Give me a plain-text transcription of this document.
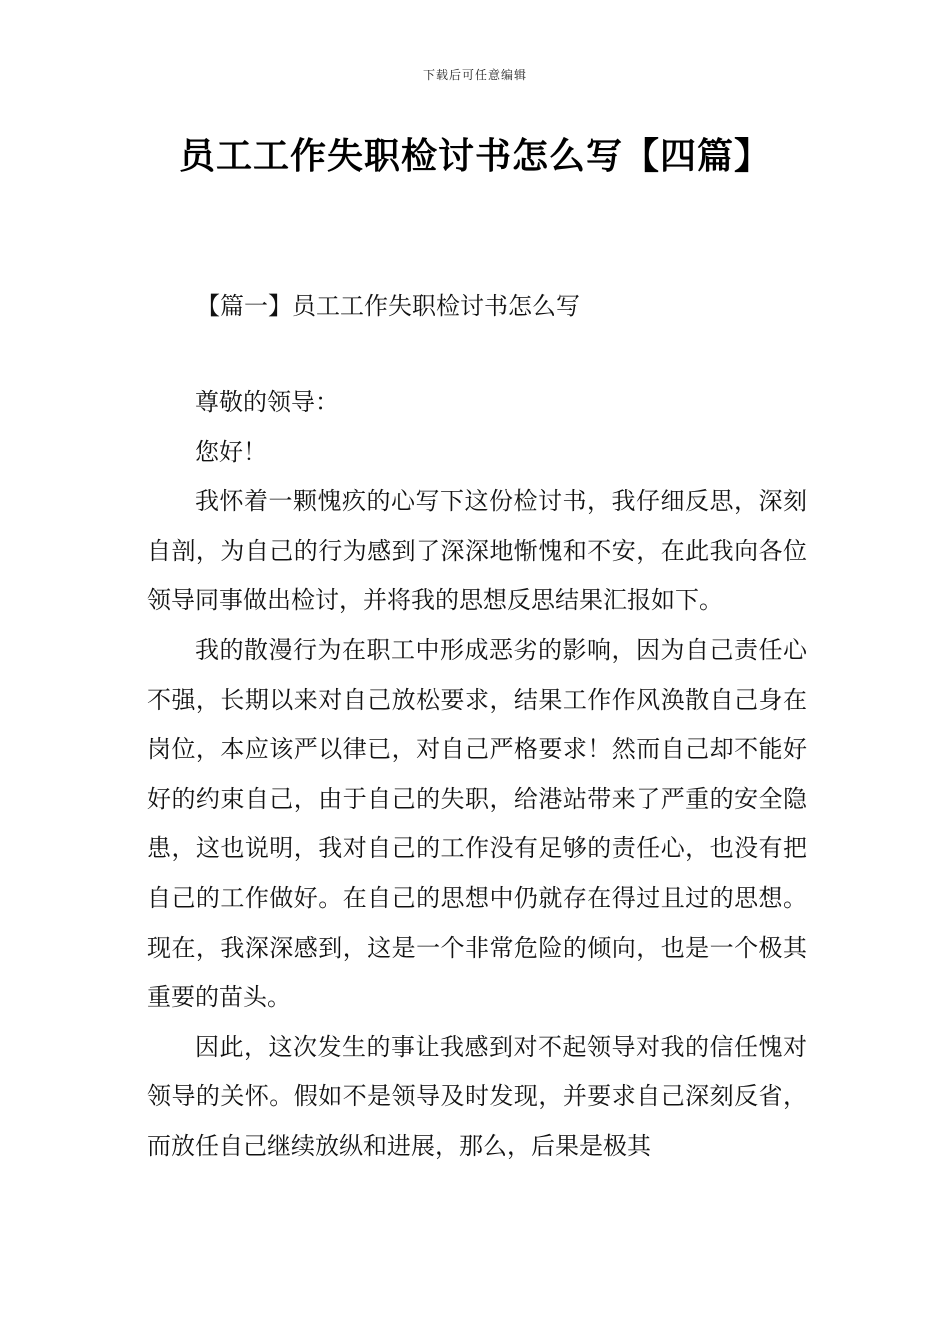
下载后可任意编辑
员工工作失职检讨书怎么写【四篇】
【篇一】员工工作失职检讨书怎么写

尊敬的领导：

您好！

我怀着一颗愧疚的心写下这份检讨书，我仔细反思，深刻自剖，为自己的行为感到了深深地惭愧和不安，在此我向各位领导同事做出检讨，并将我的思想反思结果汇报如下。

我的散漫行为在职工中形成恶劣的影响，因为自己责任心不强，长期以来对自己放松要求，结果工作作风涣散自己身在岗位，本应该严以律已，对自己严格要求！然而自己却不能好好的约束自己，由于自己的失职，给港站带来了严重的安全隐患，这也说明，我对自己的工作没有足够的责任心，也没有把自己的工作做好。在自己的思想中仍就存在得过且过的思想。现在，我深深感到，这是一个非常危险的倾向，也是一个极其重要的苗头。

因此，这次发生的事让我感到对不起领导对我的信任愧对领导的关怀。假如不是领导及时发现，并要求自己深刻反省，而放任自己继续放纵和进展，那么，后果是极其
